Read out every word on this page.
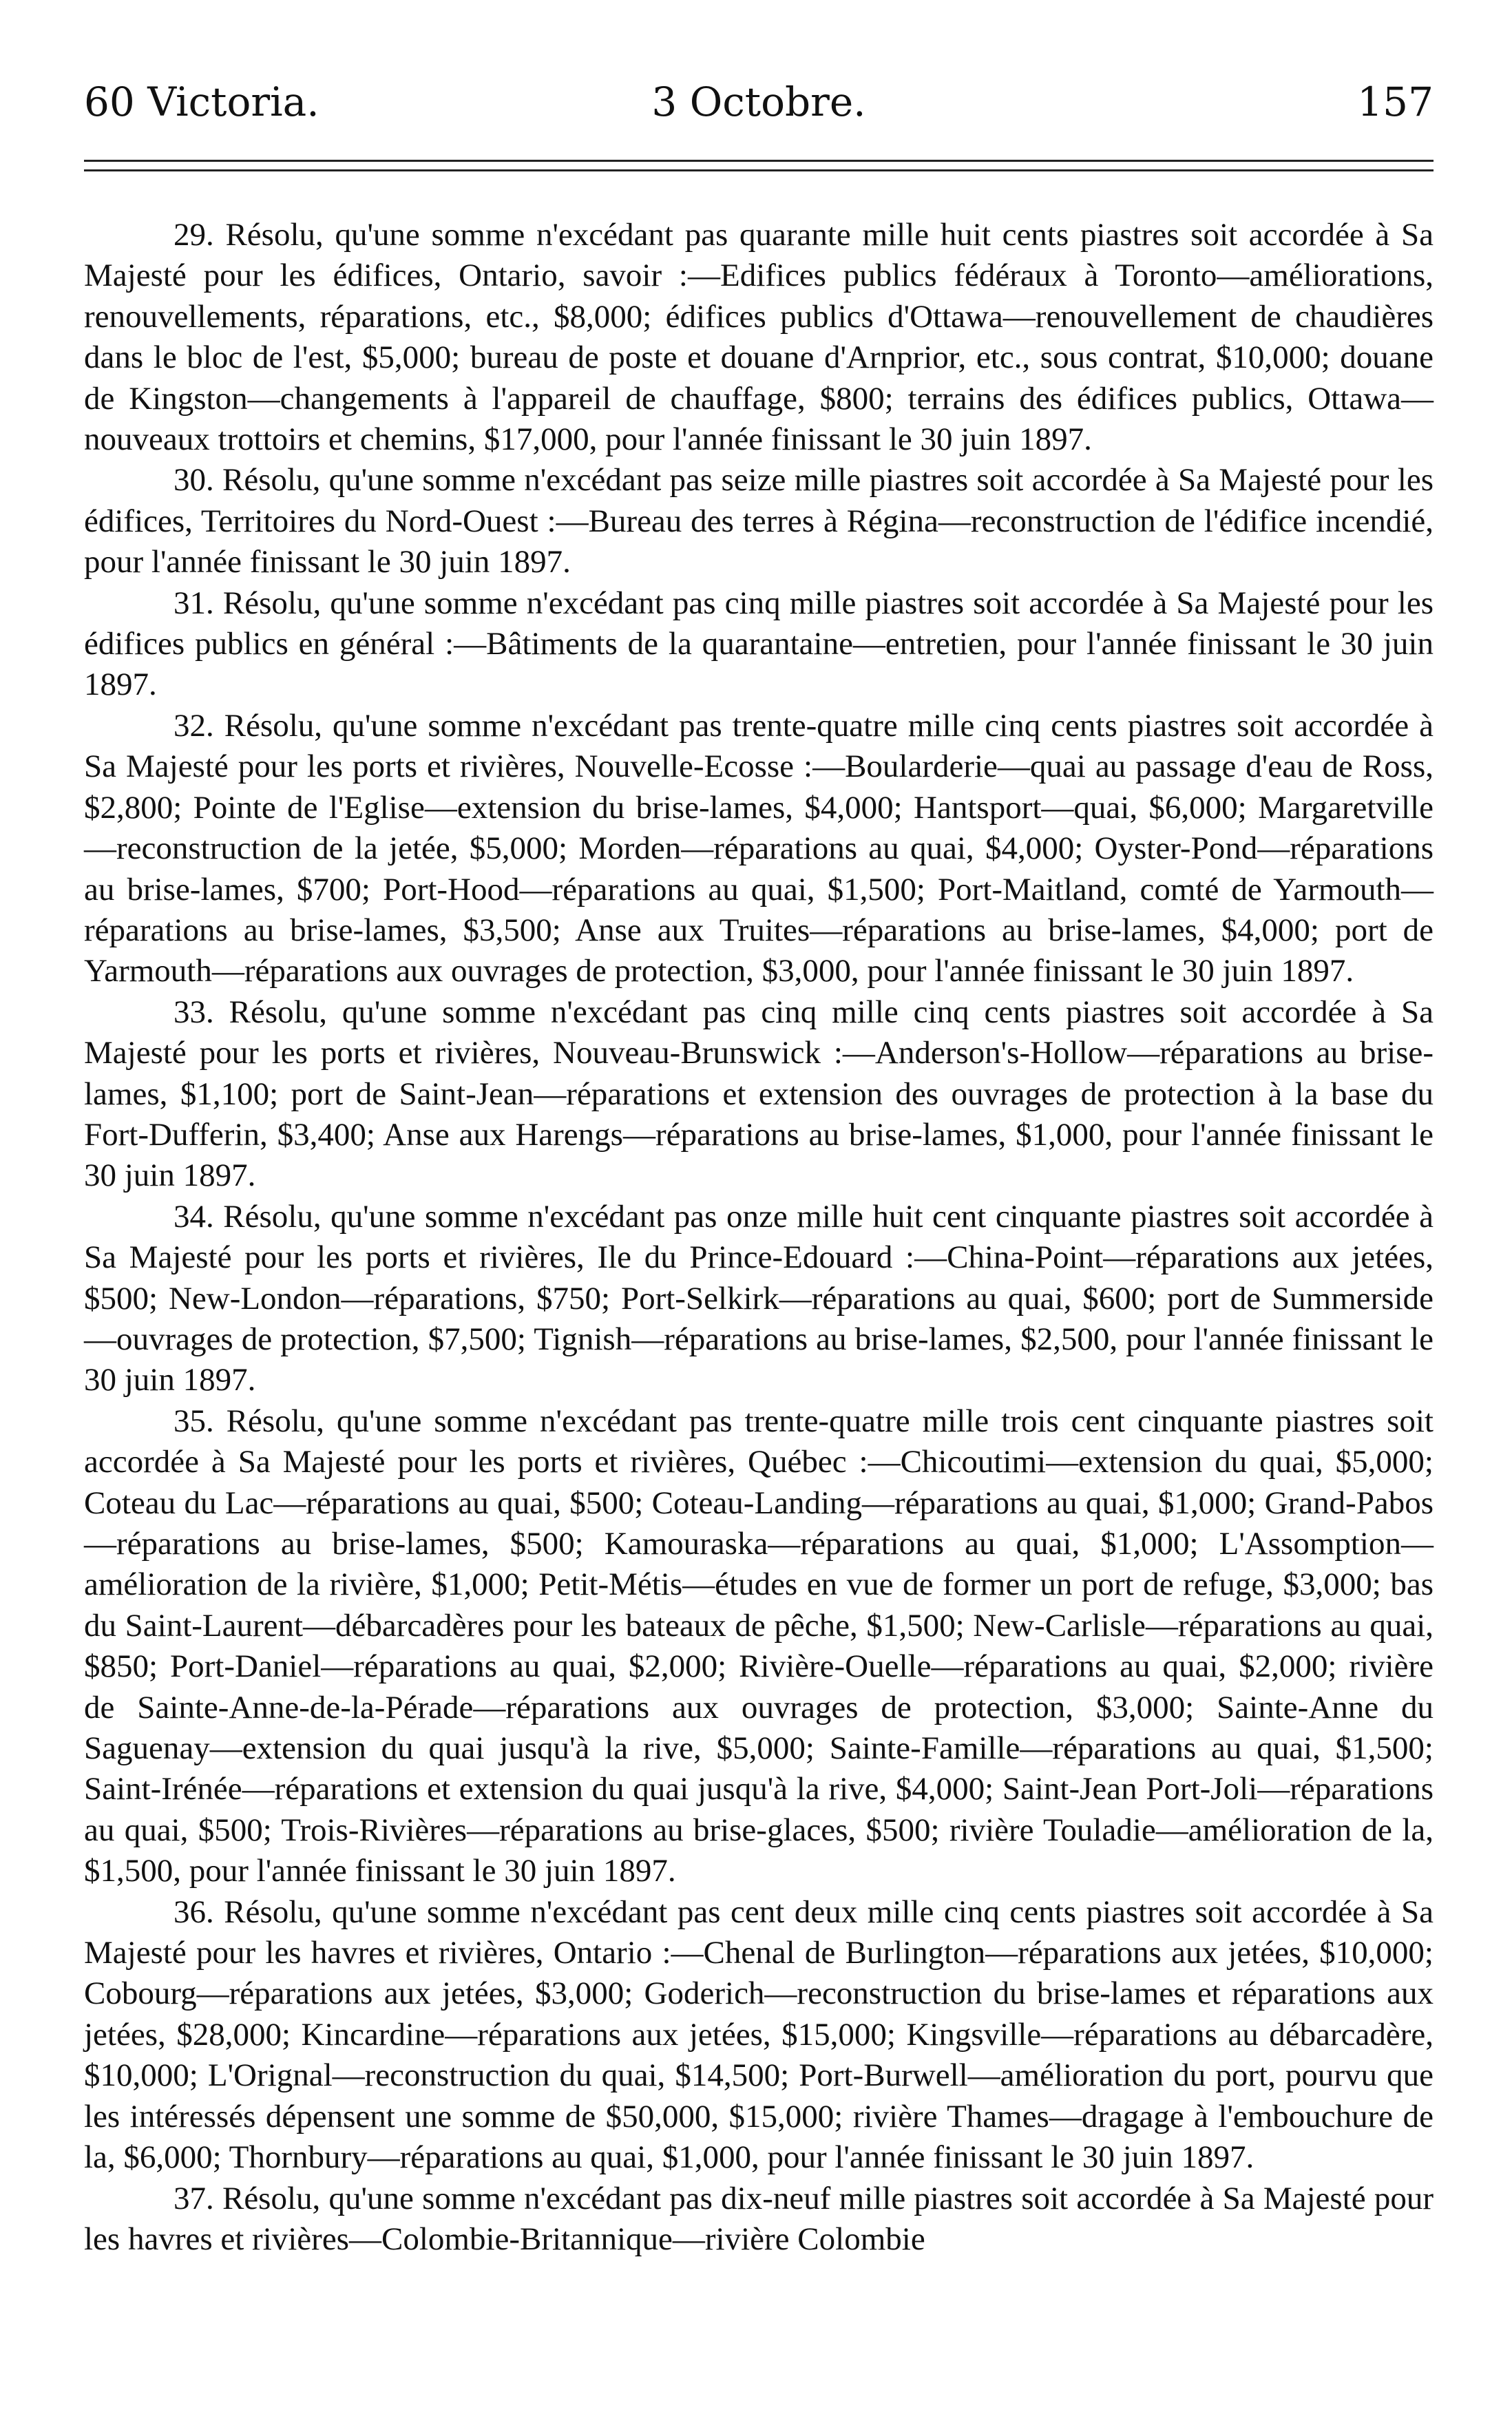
60 Victoria.	3 Octobre.	157

29. Résolu, qu'une somme n'excédant pas quarante mille huit cents piastres soit accordée à Sa Majesté pour les édifices, Ontario, savoir :—Edifices publics fédéraux à Toronto—améliorations, renouvellements, réparations, etc., $8,000; édifices publics d'Ottawa—renouvellement de chaudières dans le bloc de l'est, $5,000; bureau de poste et douane d'Arnprior, etc., sous contrat, $10,000; douane de Kingston—changements à l'appareil de chauffage, $800; terrains des édifices publics, Ottawa—nouveaux trottoirs et chemins, $17,000, pour l'année finissant le 30 juin 1897.

30. Résolu, qu'une somme n'excédant pas seize mille piastres soit accordée à Sa Majesté pour les édifices, Territoires du Nord-Ouest :—Bureau des terres à Régina—reconstruction de l'édifice incendié, pour l'année finissant le 30 juin 1897.

31. Résolu, qu'une somme n'excédant pas cinq mille piastres soit accordée à Sa Majesté pour les édifices publics en général :—Bâtiments de la quarantaine—entretien, pour l'année finissant le 30 juin 1897.

32. Résolu, qu'une somme n'excédant pas trente-quatre mille cinq cents piastres soit accordée à Sa Majesté pour les ports et rivières, Nouvelle-Ecosse :—Boularderie—quai au passage d'eau de Ross, $2,800; Pointe de l'Eglise—extension du brise-lames, $4,000; Hantsport—quai, $6,000; Margaretville—reconstruction de la jetée, $5,000; Morden—réparations au quai, $4,000; Oyster-Pond—réparations au brise-lames, $700; Port-Hood—réparations au quai, $1,500; Port-Maitland, comté de Yarmouth—réparations au brise-lames, $3,500; Anse aux Truites—réparations au brise-lames, $4,000; port de Yarmouth—réparations aux ouvrages de protection, $3,000, pour l'année finissant le 30 juin 1897.

33. Résolu, qu'une somme n'excédant pas cinq mille cinq cents piastres soit accordée à Sa Majesté pour les ports et rivières, Nouveau-Brunswick :—Anderson's-Hollow—réparations au brise-lames, $1,100; port de Saint-Jean—réparations et extension des ouvrages de protection à la base du Fort-Dufferin, $3,400; Anse aux Harengs—réparations au brise-lames, $1,000, pour l'année finissant le 30 juin 1897.

34. Résolu, qu'une somme n'excédant pas onze mille huit cent cinquante piastres soit accordée à Sa Majesté pour les ports et rivières, Ile du Prince-Edouard :—China-Point—réparations aux jetées, $500; New-London—réparations, $750; Port-Selkirk—réparations au quai, $600; port de Summerside—ouvrages de protection, $7,500; Tignish—réparations au brise-lames, $2,500, pour l'année finissant le 30 juin 1897.

35. Résolu, qu'une somme n'excédant pas trente-quatre mille trois cent cinquante piastres soit accordée à Sa Majesté pour les ports et rivières, Québec :—Chicoutimi—extension du quai, $5,000; Coteau du Lac—réparations au quai, $500; Coteau-Landing—réparations au quai, $1,000; Grand-Pabos—réparations au brise-lames, $500; Kamouraska—réparations au quai, $1,000; L'Assomption—amélioration de la rivière, $1,000; Petit-Métis—études en vue de former un port de refuge, $3,000; bas du Saint-Laurent—débarcadères pour les bateaux de pêche, $1,500; New-Carlisle—réparations au quai, $850; Port-Daniel—réparations au quai, $2,000; Rivière-Ouelle—réparations au quai, $2,000; rivière de Sainte-Anne-de-la-Pérade—réparations aux ouvrages de protection, $3,000; Sainte-Anne du Saguenay—extension du quai jusqu'à la rive, $5,000; Sainte-Famille—réparations au quai, $1,500; Saint-Irénée—réparations et extension du quai jusqu'à la rive, $4,000; Saint-Jean Port-Joli—réparations au quai, $500; Trois-Rivières—réparations au brise-glaces, $500; rivière Touladie—amélioration de la, $1,500, pour l'année finissant le 30 juin 1897.

36. Résolu, qu'une somme n'excédant pas cent deux mille cinq cents piastres soit accordée à Sa Majesté pour les havres et rivières, Ontario :—Chenal de Burlington—réparations aux jetées, $10,000; Cobourg—réparations aux jetées, $3,000; Goderich—reconstruction du brise-lames et réparations aux jetées, $28,000; Kincardine—réparations aux jetées, $15,000; Kingsville—réparations au débarcadère, $10,000; L'Orignal—reconstruction du quai, $14,500; Port-Burwell—amélioration du port, pourvu que les intéressés dépensent une somme de $50,000, $15,000; rivière Thames—dragage à l'embouchure de la, $6,000; Thornbury—réparations au quai, $1,000, pour l'année finissant le 30 juin 1897.

37. Résolu, qu'une somme n'excédant pas dix-neuf mille piastres soit accordée à Sa Majesté pour les havres et rivières—Colombie-Britannique—rivière Colombie
